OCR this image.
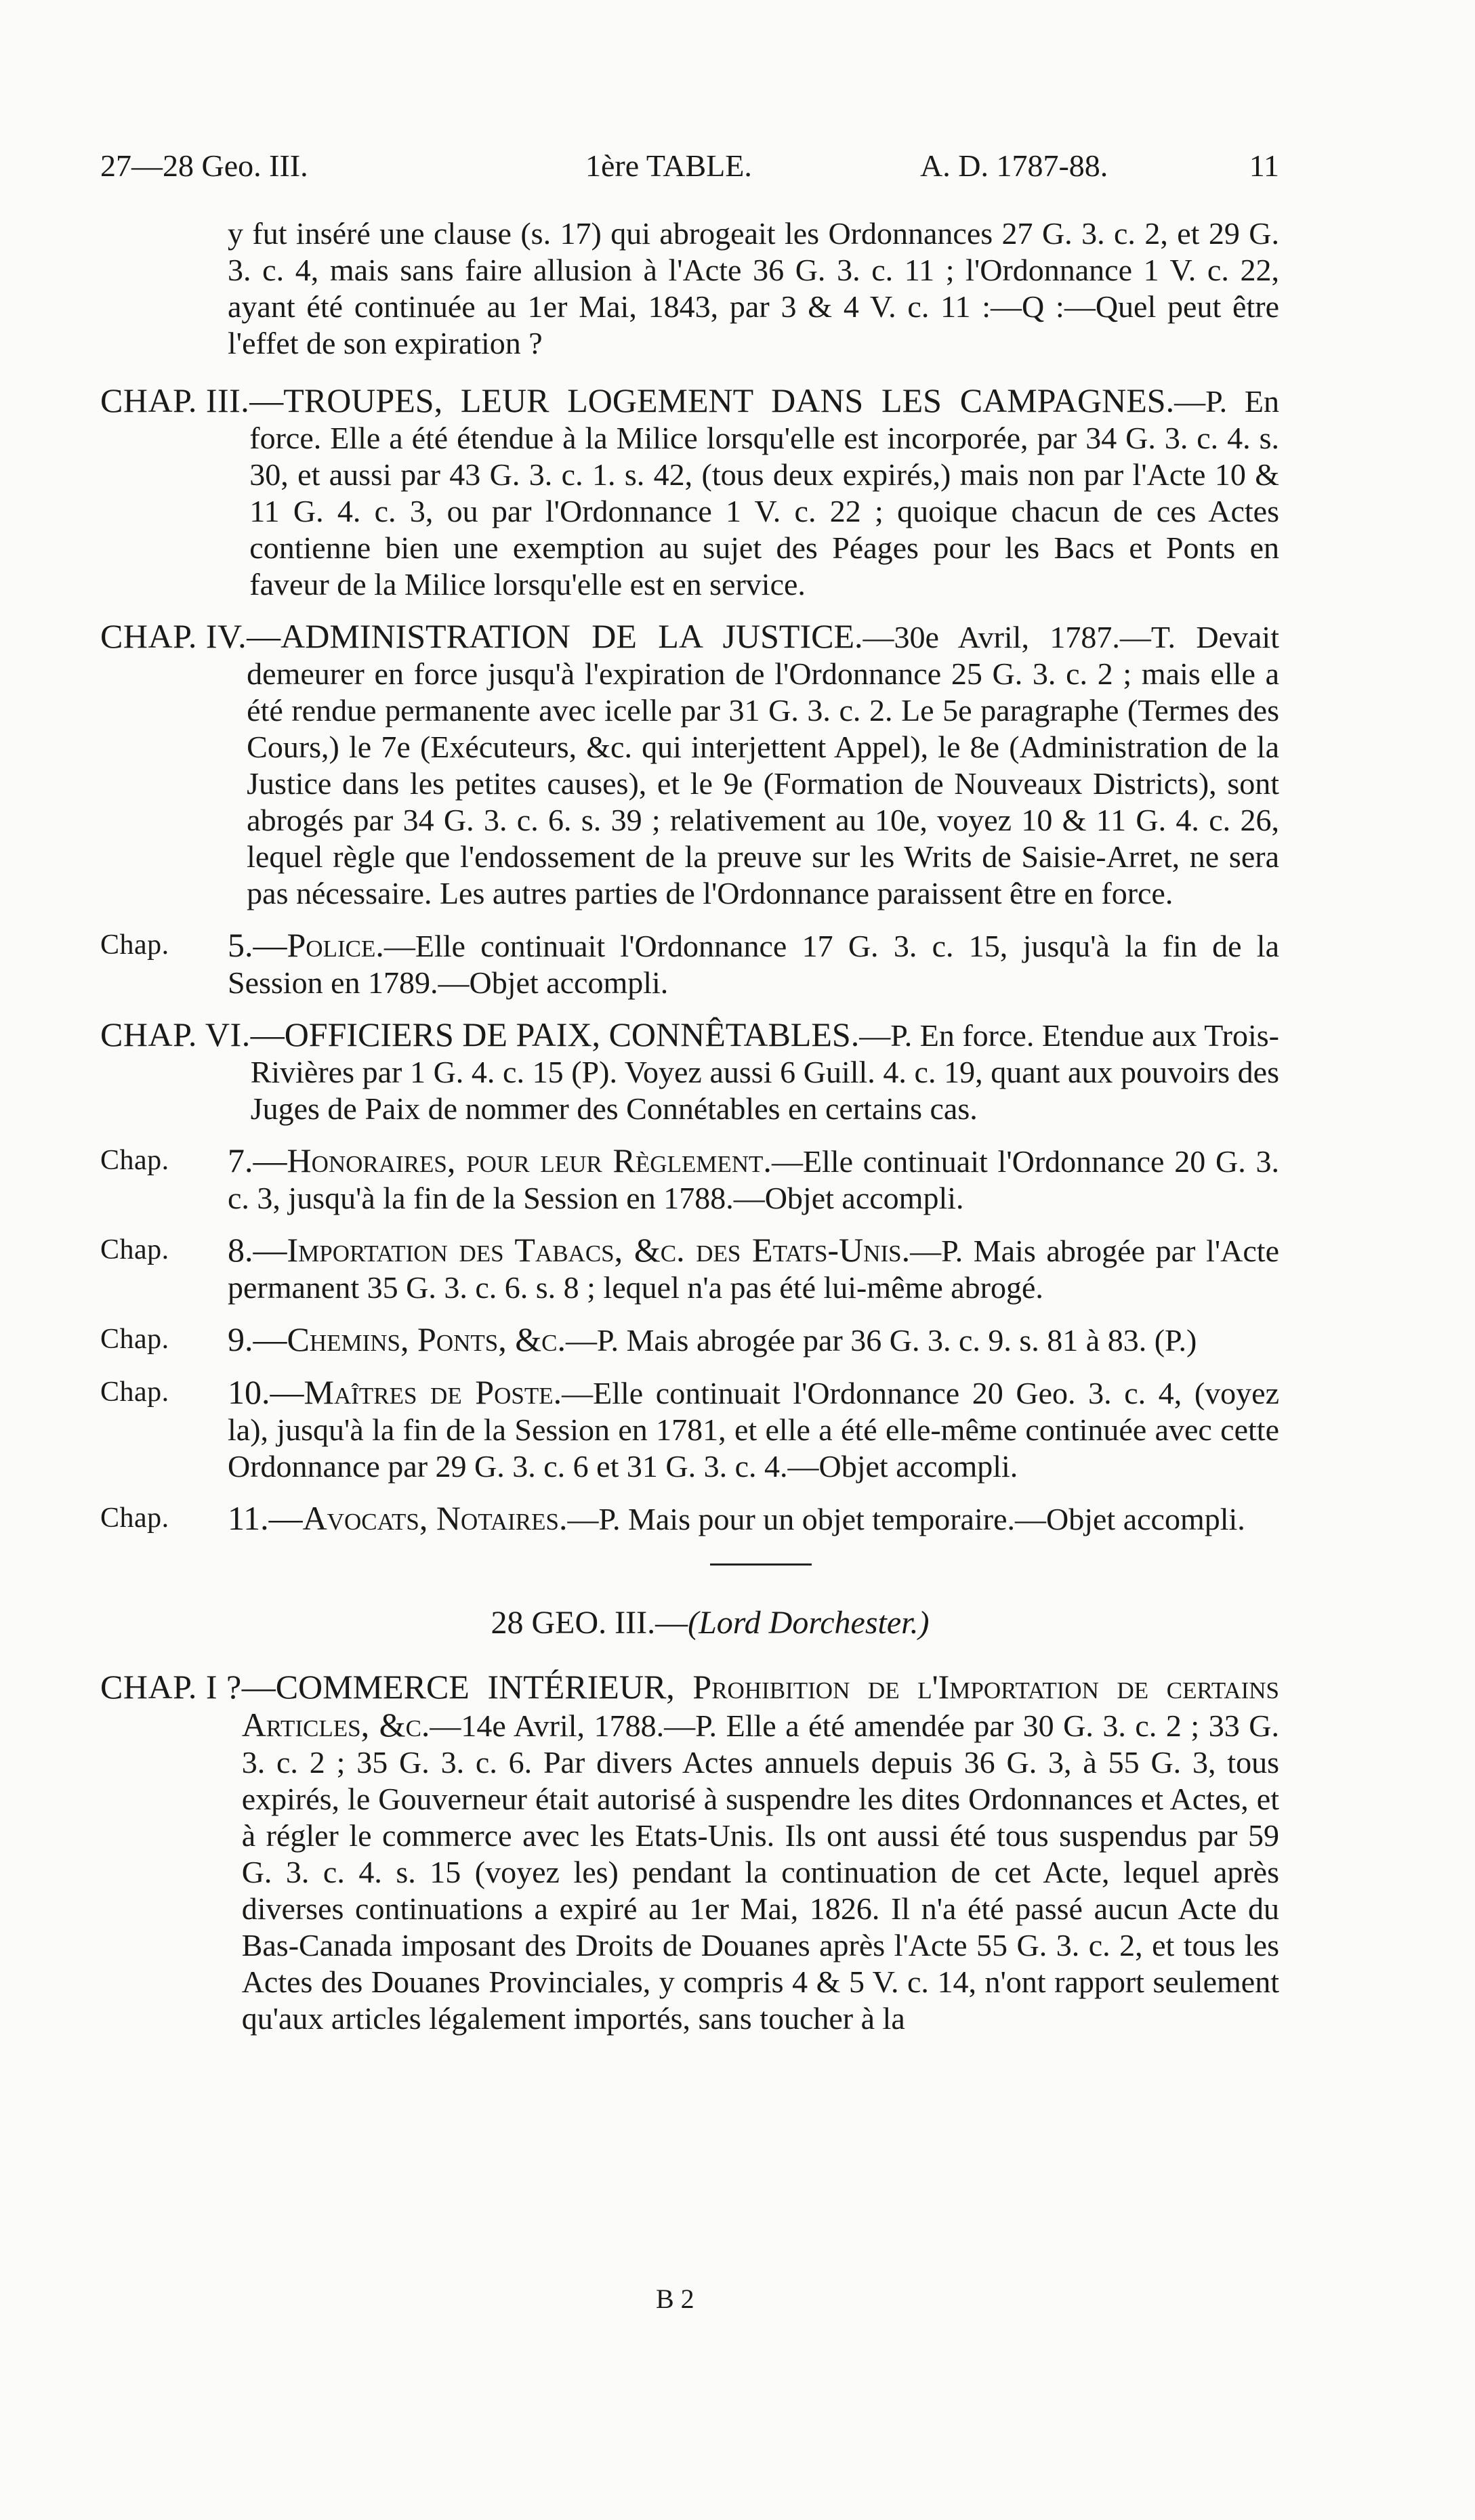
27—28 Geo. III.	1ère TABLE.	A. D. 1787-88.	11
y fut inséré une clause (s. 17) qui abrogeait les Ordonnances 27 G. 3. c. 2, et 29 G. 3. c. 4, mais sans faire allusion à l'Acte 36 G. 3. c. 11 ; l'Ordonnance 1 V. c. 22, ayant été continuée au 1er Mai, 1843, par 3 & 4 V. c. 11 :—Q :—Quel peut être l'effet de son expiration ?
CHAP. III. —TROUPES, LEUR LOGEMENT DANS LES CAMPAGNES.—P. En force. Elle a été étendue à la Milice lorsqu'elle est incorporée, par 34 G. 3. c. 4. s. 30, et aussi par 43 G. 3. c. 1. s. 42, (tous deux expirés,) mais non par l'Acte 10 & 11 G. 4. c. 3, ou par l'Ordonnance 1 V. c. 22 ; quoique chacun de ces Actes contienne bien une exemption au sujet des Péages pour les Bacs et Ponts en faveur de la Milice lorsqu'elle est en service.
CHAP. IV. —ADMINISTRATION DE LA JUSTICE.—30e Avril, 1787.—T. Devait demeurer en force jusqu'à l'expiration de l'Ordonnance 25 G. 3. c. 2 ; mais elle a été rendue permanente avec icelle par 31 G. 3. c. 2. Le 5e paragraphe (Termes des Cours,) le 7e (Exécuteurs, &c. qui interjettent Appel), le 8e (Administration de la Justice dans les petites causes), et le 9e (Formation de Nouveaux Districts), sont abrogés par 34 G. 3. c. 6. s. 39 ; relativement au 10e, voyez 10 & 11 G. 4. c. 26, lequel règle que l'endossement de la preuve sur les Writs de Saisie-Arret, ne sera pas nécessaire. Les autres parties de l'Ordonnance paraissent être en force.
Chap.	5.—Police.—Elle continuait l'Ordonnance 17 G. 3. c. 15, jusqu'à la fin de la Session en 1789.—Objet accompli.
CHAP. VI. —OFFICIERS DE PAIX, CONNÊTABLES.—P. En force. Etendue aux Trois-Rivières par 1 G. 4. c. 15 (P). Voyez aussi 6 Guill. 4. c. 19, quant aux pouvoirs des Juges de Paix de nommer des Connétables en certains cas.
Chap.	7.—Honoraires, pour leur Règlement.—Elle continuait l'Ordonnance 20 G. 3. c. 3, jusqu'à la fin de la Session en 1788.—Objet accompli.
Chap.	8.—Importation des Tabacs, &c. des Etats-Unis.—P. Mais abrogée par l'Acte permanent 35 G. 3. c. 6. s. 8 ; lequel n'a pas été lui-même abrogé.
Chap.	9.—Chemins, Ponts, &c.—P. Mais abrogée par 36 G. 3. c. 9. s. 81 à 83. (P.)
Chap.	10.—Maîtres de Poste.—Elle continuait l'Ordonnance 20 Geo. 3. c. 4, (voyez la), jusqu'à la fin de la Session en 1781, et elle a été elle-même continuée avec cette Ordonnance par 29 G. 3. c. 6 et 31 G. 3. c. 4.—Objet accompli.
Chap.	11.—Avocats, Notaires.—P. Mais pour un objet temporaire.—Objet accompli.
28 GEO. III.—(Lord Dorchester.)
CHAP. I ? —COMMERCE INTÉRIEUR, Prohibition de l'Importation de certains Articles, &c.—14e Avril, 1788.—P. Elle a été amendée par 30 G. 3. c. 2 ; 33 G. 3. c. 2 ; 35 G. 3. c. 6. Par divers Actes annuels depuis 36 G. 3, à 55 G. 3, tous expirés, le Gouverneur était autorisé à suspendre les dites Ordonnances et Actes, et à régler le commerce avec les Etats-Unis. Ils ont aussi été tous suspendus par 59 G. 3. c. 4. s. 15 (voyez les) pendant la continuation de cet Acte, lequel après diverses continuations a expiré au 1er Mai, 1826. Il n'a été passé aucun Acte du Bas-Canada imposant des Droits de Douanes après l'Acte 55 G. 3. c. 2, et tous les Actes des Douanes Provinciales, y compris 4 & 5 V. c. 14, n'ont rapport seulement qu'aux articles légalement importés, sans toucher à la
B 2
